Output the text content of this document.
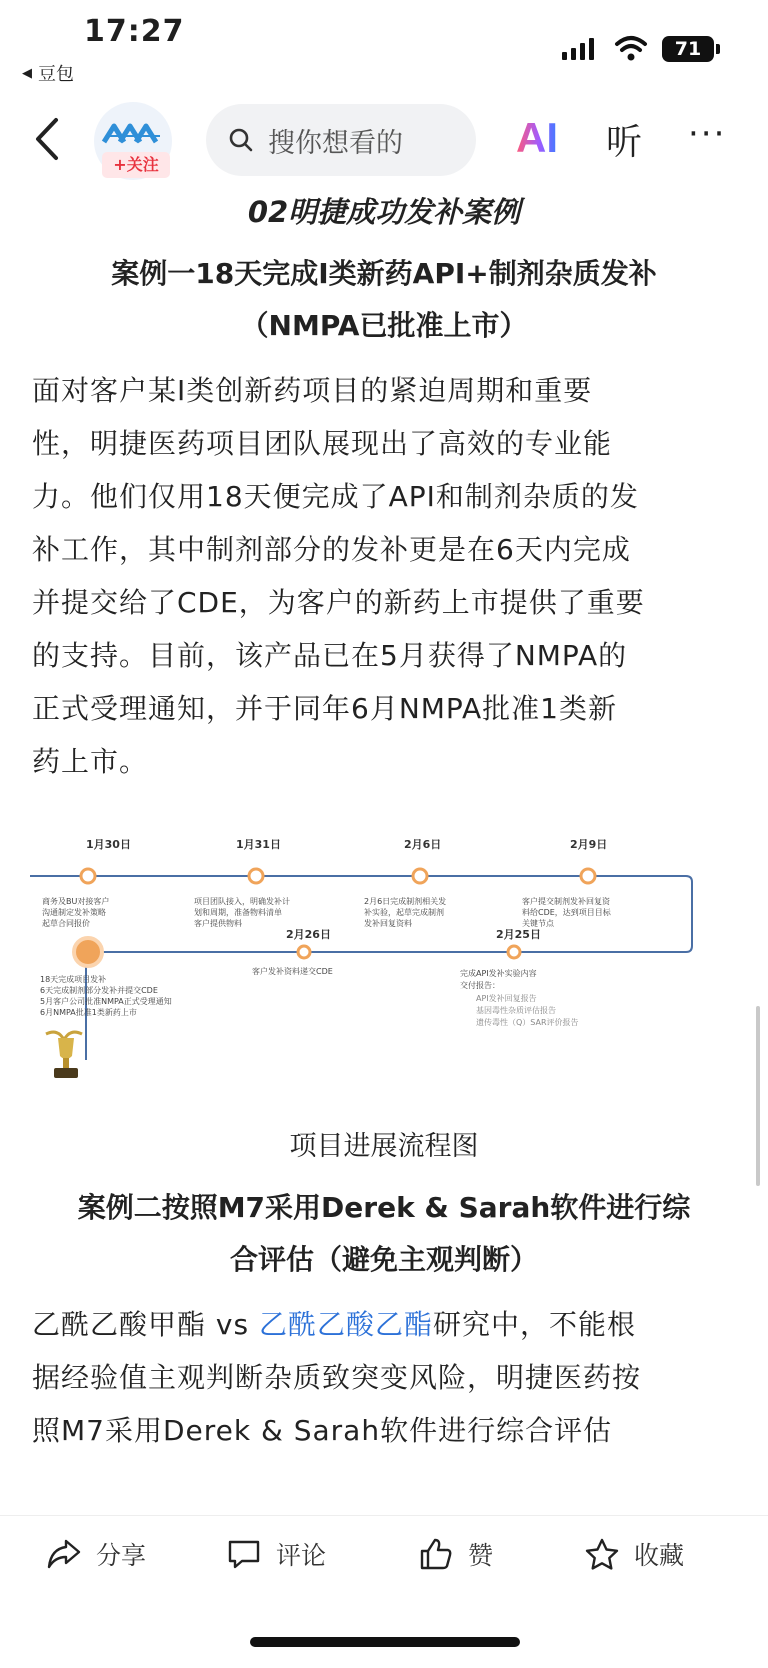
17:27
◀ 豆包
71
+关注
搜你想看的	AI 听 ···
02明捷成功发补案例
案例一18天完成I类新药API+制剂杂质发补
（NMPA已批准上市）
面对客户某I类创新药项目的紧迫周期和重要
性，明捷医药项目团队展现出了高效的专业能
力。他们仅用18天便完成了API和制剂杂质的发
补工作，其中制剂部分的发补更是在6天内完成
并提交给了CDE，为客户的新药上市提供了重要
的支持。目前，该产品已在5月获得了NMPA的
正式受理通知，并于同年6月NMPA批准1类新
药上市。
1月30日
商务及BU对接客户
沟通制定发补策略
起草合同报价
1月31日
项目团队接入，明确发补计
划和周期，准备物料清单
客户提供物料
2月6日
2月6日完成制剂相关发
补实验，起草完成制剂
发补回复资料
2月9日
客户提交制剂发补回复资
料给CDE，达到项目目标
关键节点
18天完成项目发补
6天完成制剂部分发补并提交CDE
5月客户公司批准NMPA正式受理通知
6月NMPA批准1类新药上市
2月26日
客户发补资料递交CDE
2月25日
完成API发补实验内容
交付报告：
API发补回复报告
基因毒性杂质评估报告
遗传毒性（Q）SAR评价报告
项目进展流程图
案例二按照M7采用Derek & Sarah软件进行综
合评估（避免主观判断）
乙酰乙酸甲酯 vs 乙酰乙酸乙酯研究中，不能根
据经验值主观判断杂质致突变风险，明捷医药按
照M7采用Derek & Sarah软件进行综合评估
分享	评论	赞	收藏
